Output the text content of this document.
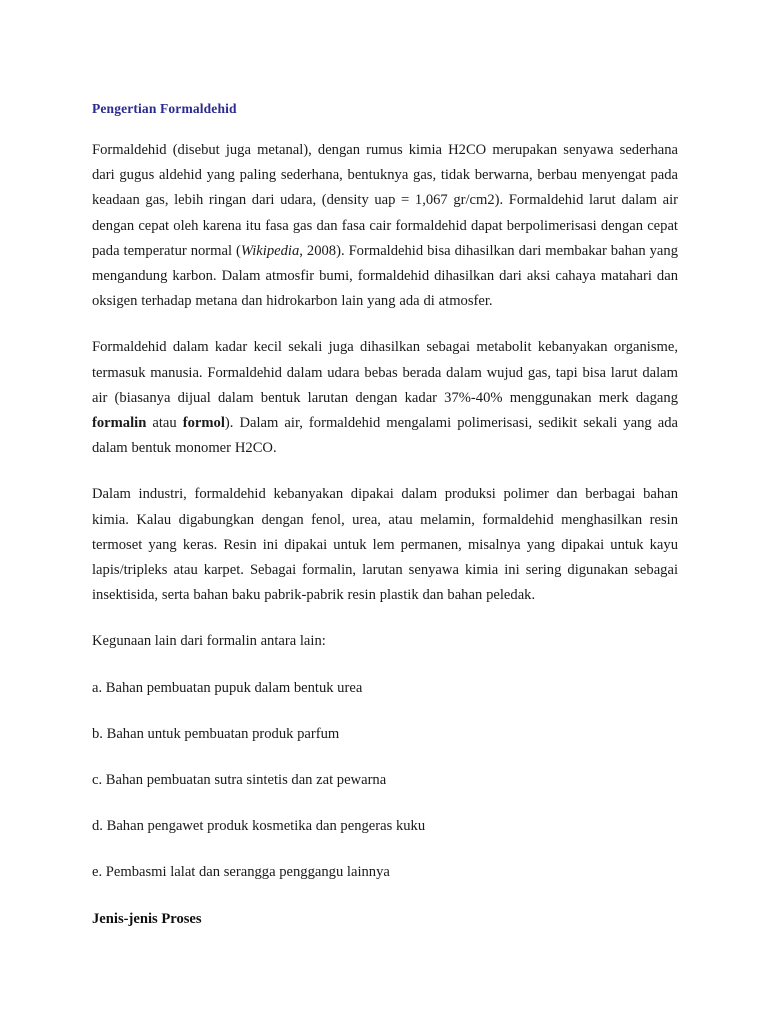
Pengertian Formaldehid

Formaldehid (disebut juga metanal), dengan rumus kimia H2CO merupakan senyawa sederhana dari gugus aldehid yang paling sederhana, bentuknya gas, tidak berwarna, berbau menyengat pada keadaan gas, lebih ringan dari udara, (density uap = 1,067 gr/cm2). Formaldehid larut dalam air dengan cepat oleh karena itu fasa gas dan fasa cair formaldehid dapat berpolimerisasi dengan cepat pada temperatur normal (Wikipedia, 2008). Formaldehid bisa dihasilkan dari membakar bahan yang mengandung karbon. Dalam atmosfir bumi, formaldehid dihasilkan dari aksi cahaya matahari dan oksigen terhadap metana dan hidrokarbon lain yang ada di atmosfer.

Formaldehid dalam kadar kecil sekali juga dihasilkan sebagai metabolit kebanyakan organisme, termasuk manusia. Formaldehid dalam udara bebas berada dalam wujud gas, tapi bisa larut dalam air (biasanya dijual dalam bentuk larutan dengan kadar 37%-40% menggunakan merk dagang formalin atau formol). Dalam air, formaldehid mengalami polimerisasi, sedikit sekali yang ada dalam bentuk monomer H2CO.

Dalam industri, formaldehid kebanyakan dipakai dalam produksi polimer dan berbagai bahan kimia. Kalau digabungkan dengan fenol, urea, atau melamin, formaldehid menghasilkan resin termoset yang keras. Resin ini dipakai untuk lem permanen, misalnya yang dipakai untuk kayu lapis/tripleks atau karpet. Sebagai formalin, larutan senyawa kimia ini sering digunakan sebagai insektisida, serta bahan baku pabrik-pabrik resin plastik dan bahan peledak.

Kegunaan lain dari formalin antara lain:

a. Bahan pembuatan pupuk dalam bentuk urea

b. Bahan untuk pembuatan produk parfum

c. Bahan pembuatan sutra sintetis dan zat pewarna

d. Bahan pengawet produk kosmetika dan pengeras kuku

e. Pembasmi lalat dan serangga penggangu lainnya

Jenis-jenis Proses
